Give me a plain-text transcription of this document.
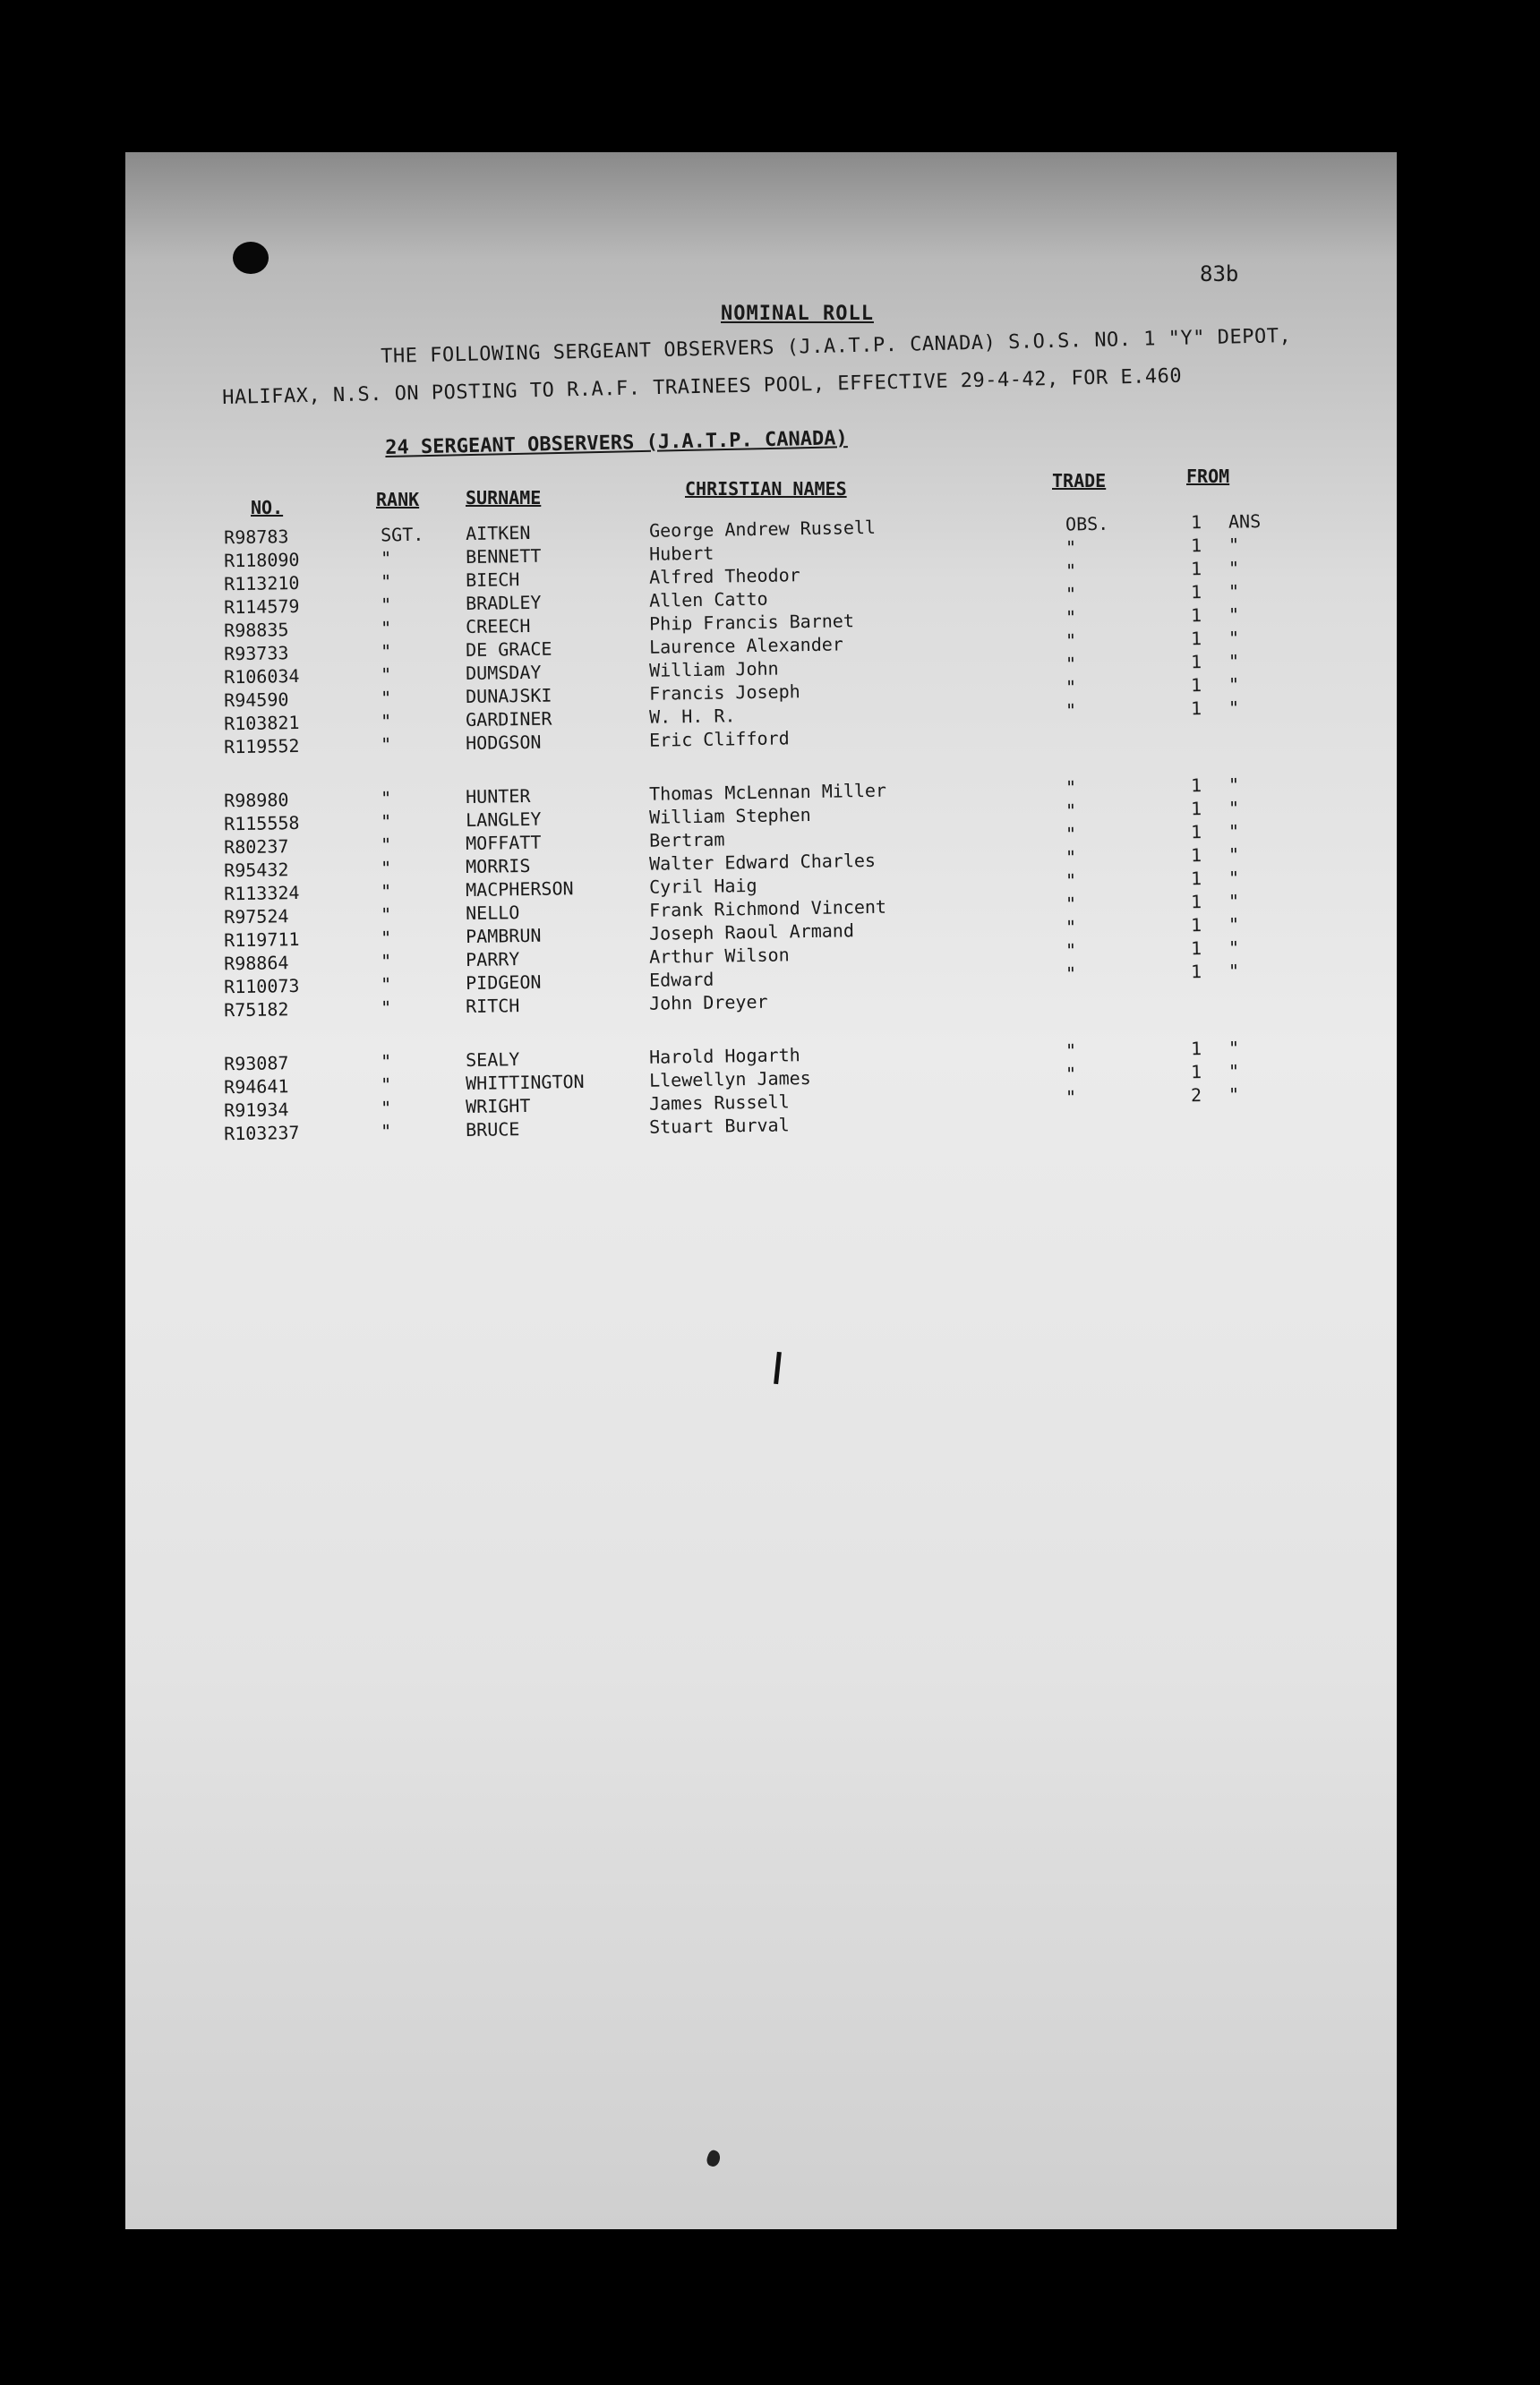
83b
NOMINAL ROLL
THE FOLLOWING SERGEANT OBSERVERS (J.A.T.P. CANADA) S.O.S. NO. 1 "Y" DEPOT,
HALIFAX, N.S. ON POSTING TO R.A.F. TRAINEES POOL, EFFECTIVE 29-4-42, FOR E.460
24 SERGEANT OBSERVERS (J.A.T.P. CANADA)
NO.	RANK	SURNAME	CHRISTIAN NAMES	TRADE	FROM
R98783	SGT. AITKEN	George Andrew Russell	OBS.	1 ANS
R118090	"	BENNETT	Hubert	"	1 "
R113210	"	BIECH	Alfred Theodor	"	1 "
R114579	"	BRADLEY	Allen Catto	"	1 "
R98835	"	CREECH	Phip Francis Barnet	"	1 "
R93733	"	DE GRACE	Laurence Alexander	"	1 "
R106034	"	DUMSDAY	William John	"	1 "
R94590	"	DUNAJSKI	Francis Joseph	"	1 "
R103821	"	GARDINER	W. H. R.	"	1 "
R119552	"	HODGSON	Eric Clifford
R98980	"	HUNTER	Thomas McLennan Miller	"	1 "
R115558	"	LANGLEY	William Stephen	"	1 "
R80237	"	MOFFATT	Bertram	"	1 "
R95432	"	MORRIS	Walter Edward Charles	"	1 "
R113324	"	MACPHERSON	Cyril Haig	"	1 "
R97524	"	NELLO	Frank Richmond Vincent	"	1 "
R119711	"	PAMBRUN	Joseph Raoul Armand	"	1 "
R98864	"	PARRY	Arthur Wilson	"	1 "
R110073	"	PIDGEON	Edward	"	1 "
R75182	"	RITCH	John Dreyer
R93087	"	SEALY	Harold Hogarth	"	1 "
R94641	"	WHITTINGTON	Llewellyn James	"	1 "
R91934	"	WRIGHT	James Russell	"	2 "
R103237	"	BRUCE	Stuart Burval
